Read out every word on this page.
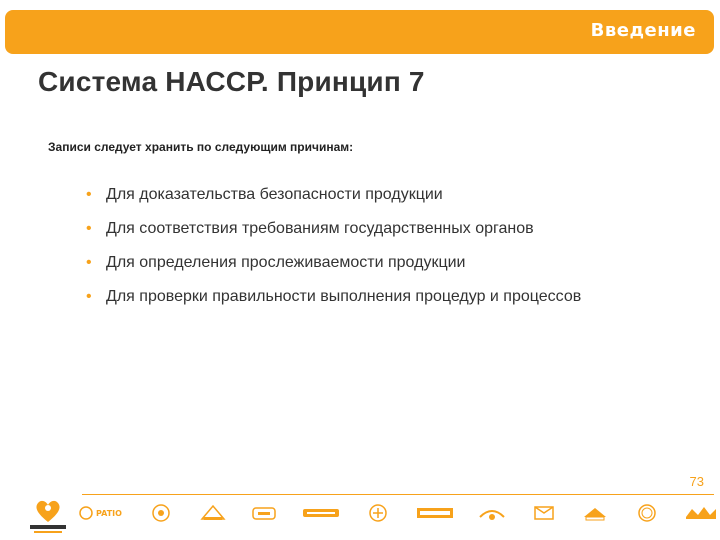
Введение
Система НАССР. Принцип 7
Записи следует хранить по следующим причинам:
• Для доказательства безопасности продукции
• Для соответствия требованиям государственных органов
• Для определения прослеживаемости продукции
• Для проверки правильности выполнения процедур и процессов
73
PATIO
